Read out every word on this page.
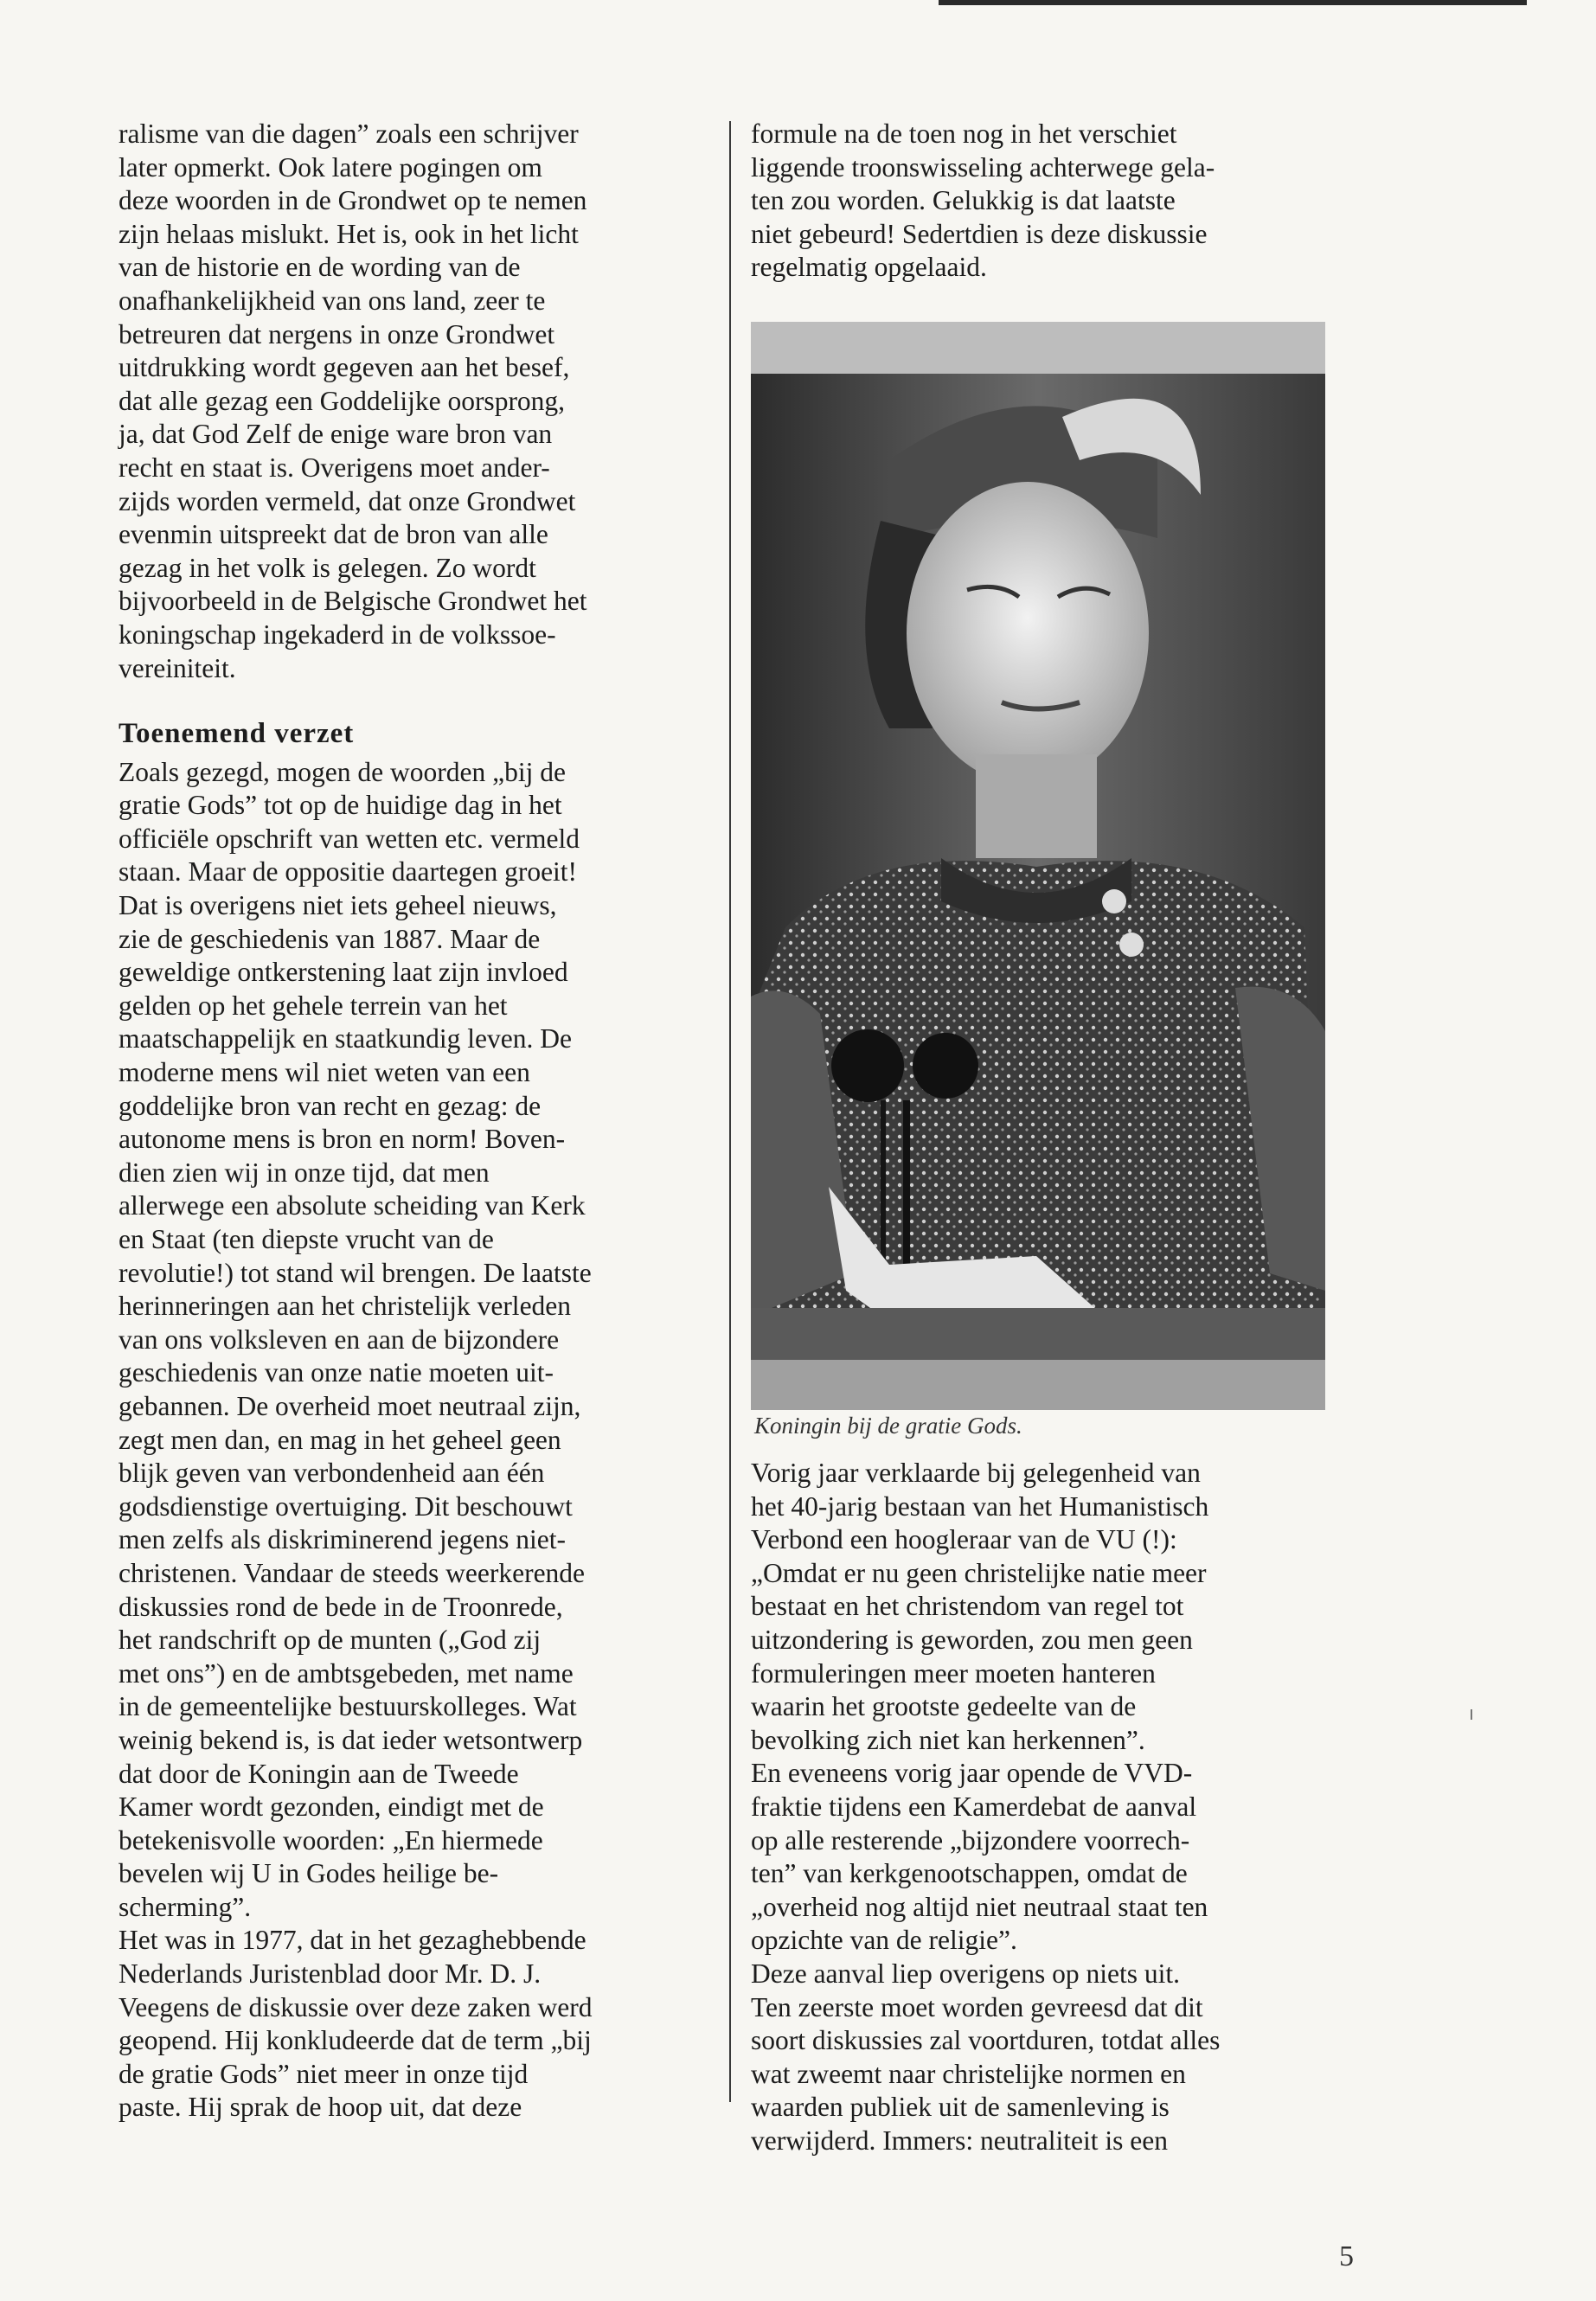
ralisme van die dagen” zoals een schrijver
later opmerkt. Ook latere pogingen om
deze woorden in de Grondwet op te nemen
zijn helaas mislukt. Het is, ook in het licht
van de historie en de wording van de
onafhankelijkheid van ons land, zeer te
betreuren dat nergens in onze Grondwet
uitdrukking wordt gegeven aan het besef,
dat alle gezag een Goddelijke oorsprong,
ja, dat God Zelf de enige ware bron van
recht en staat is. Overigens moet ander-
zijds worden vermeld, dat onze Grondwet
evenmin uitspreekt dat de bron van alle
gezag in het volk is gelegen. Zo wordt
bijvoorbeeld in de Belgische Grondwet het
koningschap ingekaderd in de volkssoe-
vereiniteit.
Toenemend verzet
Zoals gezegd, mogen de woorden „bij de
gratie Gods” tot op de huidige dag in het
officiële opschrift van wetten etc. vermeld
staan. Maar de oppositie daartegen groeit!
Dat is overigens niet iets geheel nieuws,
zie de geschiedenis van 1887. Maar de
geweldige ontkerstening laat zijn invloed
gelden op het gehele terrein van het
maatschappelijk en staatkundig leven. De
moderne mens wil niet weten van een
goddelijke bron van recht en gezag: de
autonome mens is bron en norm! Boven-
dien zien wij in onze tijd, dat men
allerwege een absolute scheiding van Kerk
en Staat (ten diepste vrucht van de
revolutie!) tot stand wil brengen. De laatste
herinneringen aan het christelijk verleden
van ons volksleven en aan de bijzondere
geschiedenis van onze natie moeten uit-
gebannen. De overheid moet neutraal zijn,
zegt men dan, en mag in het geheel geen
blijk geven van verbondenheid aan één
godsdienstige overtuiging. Dit beschouwt
men zelfs als diskriminerend jegens niet-
christenen. Vandaar de steeds weerkerende
diskussies rond de bede in de Troonrede,
het randschrift op de munten („God zij
met ons”) en de ambtsgebeden, met name
in de gemeentelijke bestuurskolleges. Wat
weinig bekend is, is dat ieder wetsontwerp
dat door de Koningin aan de Tweede
Kamer wordt gezonden, eindigt met de
betekenisvolle woorden: „En hiermede
bevelen wij U in Godes heilige be-
scherming”.
Het was in 1977, dat in het gezaghebbende
Nederlands Juristenblad door Mr. D. J.
Veegens de diskussie over deze zaken werd
geopend. Hij konkludeerde dat de term „bij
de gratie Gods” niet meer in onze tijd
paste. Hij sprak de hoop uit, dat deze
formule na de toen nog in het verschiet
liggende troonswisseling achterwege gela-
ten zou worden. Gelukkig is dat laatste
niet gebeurd! Sedertdien is deze diskussie
regelmatig opgelaaid.
Koningin bij de gratie Gods.
Vorig jaar verklaarde bij gelegenheid van
het 40-jarig bestaan van het Humanistisch
Verbond een hoogleraar van de VU (!):
„Omdat er nu geen christelijke natie meer
bestaat en het christendom van regel tot
uitzondering is geworden, zou men geen
formuleringen meer moeten hanteren
waarin het grootste gedeelte van de
bevolking zich niet kan herkennen”.
En eveneens vorig jaar opende de VVD-
fraktie tijdens een Kamerdebat de aanval
op alle resterende „bijzondere voorrech-
ten” van kerkgenootschappen, omdat de
„overheid nog altijd niet neutraal staat ten
opzichte van de religie”.
Deze aanval liep overigens op niets uit.
Ten zeerste moet worden gevreesd dat dit
soort diskussies zal voortduren, totdat alles
wat zweemt naar christelijke normen en
waarden publiek uit de samenleving is
verwijderd. Immers: neutraliteit is een
5
